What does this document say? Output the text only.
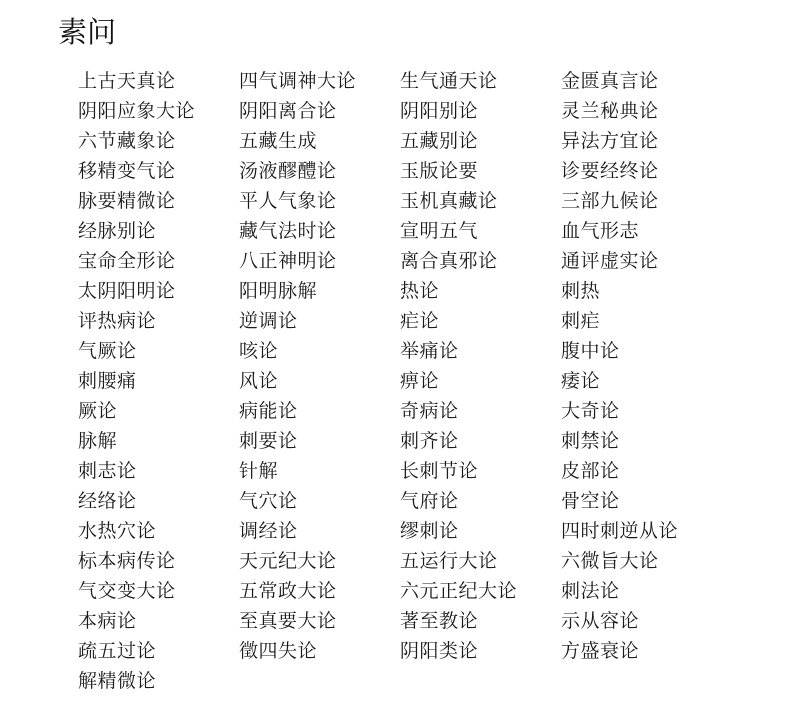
素问
上古天真论	四气调神大论	生气通天论	金匮真言论
阴阳应象大论	阴阳离合论	阴阳别论	灵兰秘典论
六节藏象论	五藏生成	五藏别论	异法方宜论
移精变气论	汤液醪醴论	玉版论要	诊要经终论
脉要精微论	平人气象论	玉机真藏论	三部九候论
经脉别论	藏气法时论	宣明五气	血气形志
宝命全形论	八正神明论	离合真邪论	通评虚实论
太阴阳明论	阳明脉解	热论	刺热
评热病论	逆调论	疟论	刺疟
气厥论	咳论	举痛论	腹中论
刺腰痛	风论	痹论	痿论
厥论	病能论	奇病论	大奇论
脉解	刺要论	刺齐论	刺禁论
刺志论	针解	长刺节论	皮部论
经络论	气穴论	气府论	骨空论
水热穴论	调经论	缪刺论	四时刺逆从论
标本病传论	天元纪大论	五运行大论	六微旨大论
气交变大论	五常政大论	六元正纪大论	刺法论
本病论	至真要大论	著至教论	示从容论
疏五过论	徵四失论	阴阳类论	方盛衰论
解精微论
